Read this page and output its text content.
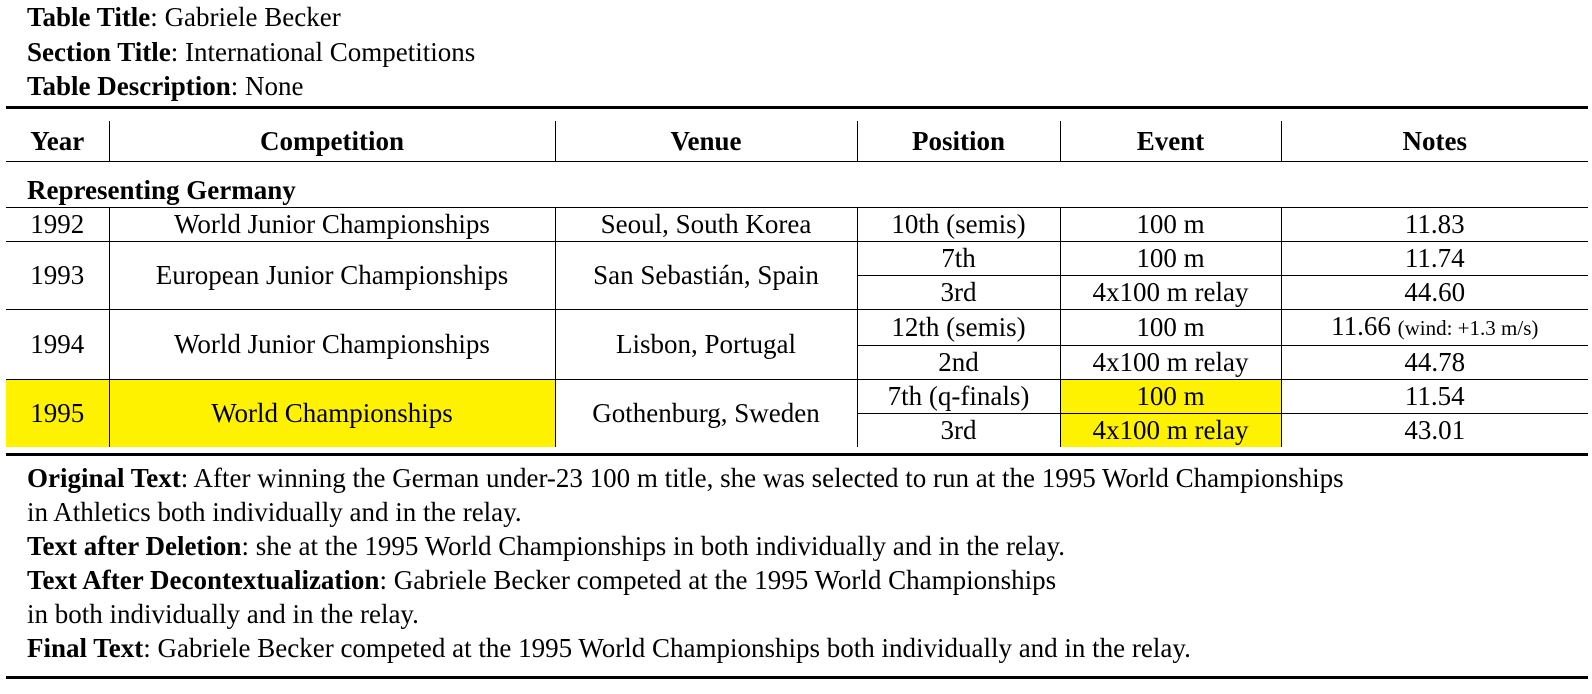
Table Title: Gabriele Becker
Section Title: International Competitions
Table Description: None
Year	Competition	Venue	Position	Event	Notes
Representing Germany					
1992	World Junior Championships	Seoul, South Korea	10th (semis)	100 m	11.83
1993	European Junior Championships	San Sebastián, Spain	7th	100 m	11.74
			3rd	4x100 m relay	44.60
1994	World Junior Championships	Lisbon, Portugal	12th (semis)	100 m	11.66 (wind: +1.3 m/s)
			2nd	4x100 m relay	44.78
1995	World Championships	Gothenburg, Sweden	7th (q-finals)	100 m	11.54
			3rd	4x100 m relay	43.01
Original Text: After winning the German under-23 100 m title, she was selected to run at the 1995 World Championships
in Athletics both individually and in the relay.
Text after Deletion: she at the 1995 World Championships in both individually and in the relay.
Text After Decontextualization: Gabriele Becker competed at the 1995 World Championships
in both individually and in the relay.
Final Text: Gabriele Becker competed at the 1995 World Championships both individually and in the relay.
